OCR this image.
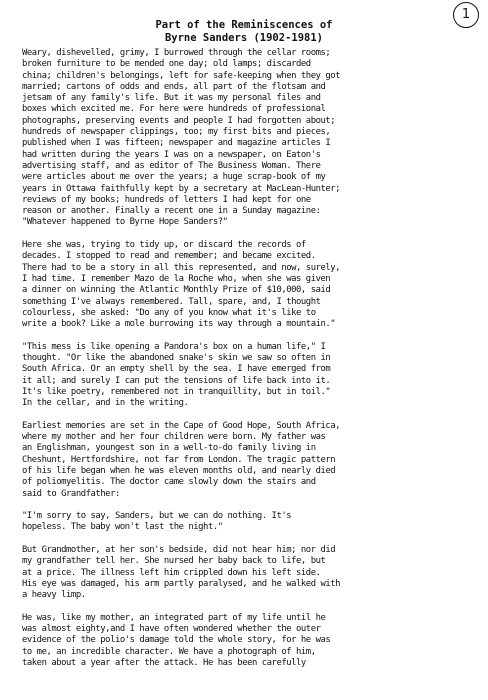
1
Part of the Reminiscences of
Byrne Sanders (1902-1981)

Weary, dishevelled, grimy, I burrowed through the cellar rooms;
broken furniture to be mended one day; old lamps; discarded
china; children's belongings, left for safe-keeping when they got
married; cartons of odds and ends, all part of the flotsam and
jetsam of any family's life. But it was my personal files and
boxes which excited me. For here were hundreds of professional
photographs, preserving events and people I had forgotten about;
hundreds of newspaper clippings, too; my first bits and pieces,
published when I was fifteen; newspaper and magazine articles I
had written during the years I was on a newspaper, on Eaton's
advertising staff, and as editor of The Business Woman. There
were articles about me over the years; a huge scrap-book of my
years in Ottawa faithfully kept by a secretary at MacLean-Hunter;
reviews of my books; hundreds of letters I had kept for one
reason or another. Finally a recent one in a Sunday magazine:
"Whatever happened to Byrne Hope Sanders?"

Here she was, trying to tidy up, or discard the records of
decades. I stopped to read and remember; and became excited.
There had to be a story in all this represented, and now, surely,
I had time. I remember Mazo de la Roche who, when she was given
a dinner on winning the Atlantic Monthly Prize of $10,000, said
something I've always remembered. Tall, spare, and, I thought
colourless, she asked: "Do any of you know what it's like to
write a book? Like a mole burrowing its way through a mountain."

"This mess is like opening a Pandora's box on a human life," I
thought. "Or like the abandoned snake's skin we saw so often in
South Africa. Or an empty shell by the sea. I have emerged from
it all; and surely I can put the tensions of life back into it.
It's like poetry, remembered not in tranquillity, but in toil."
In the cellar, and in the writing.

Earliest memories are set in the Cape of Good Hope, South Africa,
where my mother and her four children were born. My father was
an Englishman, youngest son in a well-to-do family living in
Cheshunt, Hertfordshire, not far from London. The tragic pattern
of his life began when he was eleven months old, and nearly died
of poliomyelitis. The doctor came slowly down the stairs and
said to Grandfather:

"I'm sorry to say, Sanders, but we can do nothing. It's
hopeless. The baby won't last the night."

But Grandmother, at her son's bedside, did not hear him; nor did
my grandfather tell her. She nursed her baby back to life, but
at a price. The illness left him crippled down his left side.
His eye was damaged, his arm partly paralysed, and he walked with
a heavy limp.

He was, like my mother, an integrated part of my life until he
was almost eighty,and I have often wondered whether the outer
evidence of the polio's damage told the whole story, for he was
to me, an incredible character. We have a photograph of him,
taken about a year after the attack. He has been carefully
